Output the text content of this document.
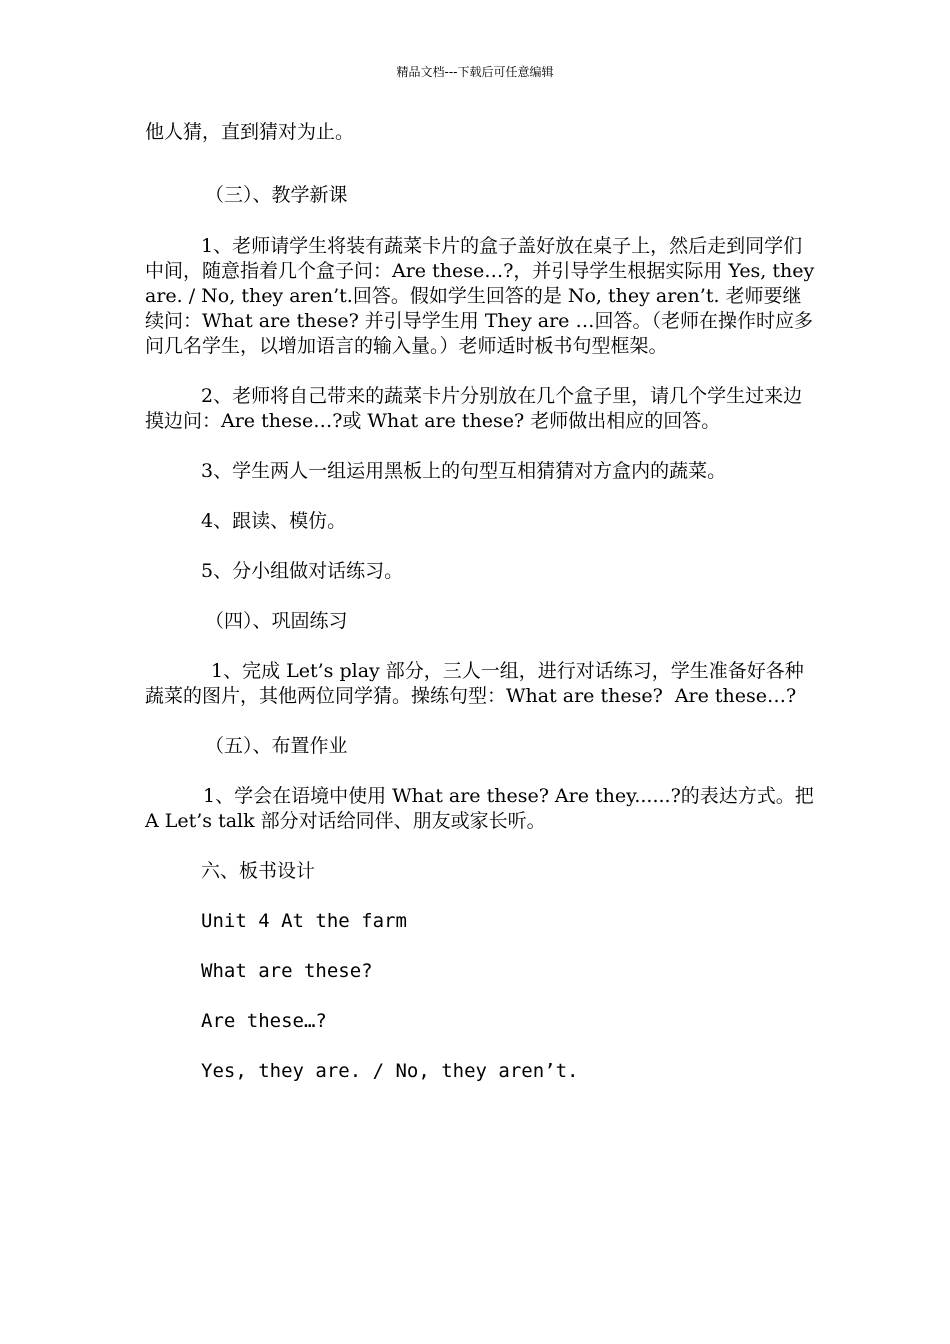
精品文档---下载后可任意编辑

他人猜，直到猜对为止。

（三）、教学新课

1、老师请学生将装有蔬菜卡片的盒子盖好放在桌子上，然后走到同学们中间，随意指着几个盒子问：Are these…?，并引导学生根据实际用 Yes, they are. / No, they aren’t.回答。假如学生回答的是 No, they aren’t. 老师要继续问：What are these? 并引导学生用 They are …回答。（老师在操作时应多问几名学生，以增加语言的输入量。）老师适时板书句型框架。

2、老师将自己带来的蔬菜卡片分别放在几个盒子里，请几个学生过来边摸边问：Are these…?或 What are these? 老师做出相应的回答。

3、学生两人一组运用黑板上的句型互相猜猜对方盒内的蔬菜。

4、跟读、模仿。

5、分小组做对话练习。

（四）、巩固练习

1、完成 Let’s play 部分，三人一组，进行对话练习，学生准备好各种蔬菜的图片，其他两位同学猜。操练句型：What are these?  Are these…?

（五）、布置作业

1、学会在语境中使用 What are these? Are they......?的表达方式。把 A Let’s talk 部分对话给同伴、朋友或家长听。

六、板书设计

Unit 4 At the farm

What are these?

Are these…?

Yes, they are. / No, they aren’t.
